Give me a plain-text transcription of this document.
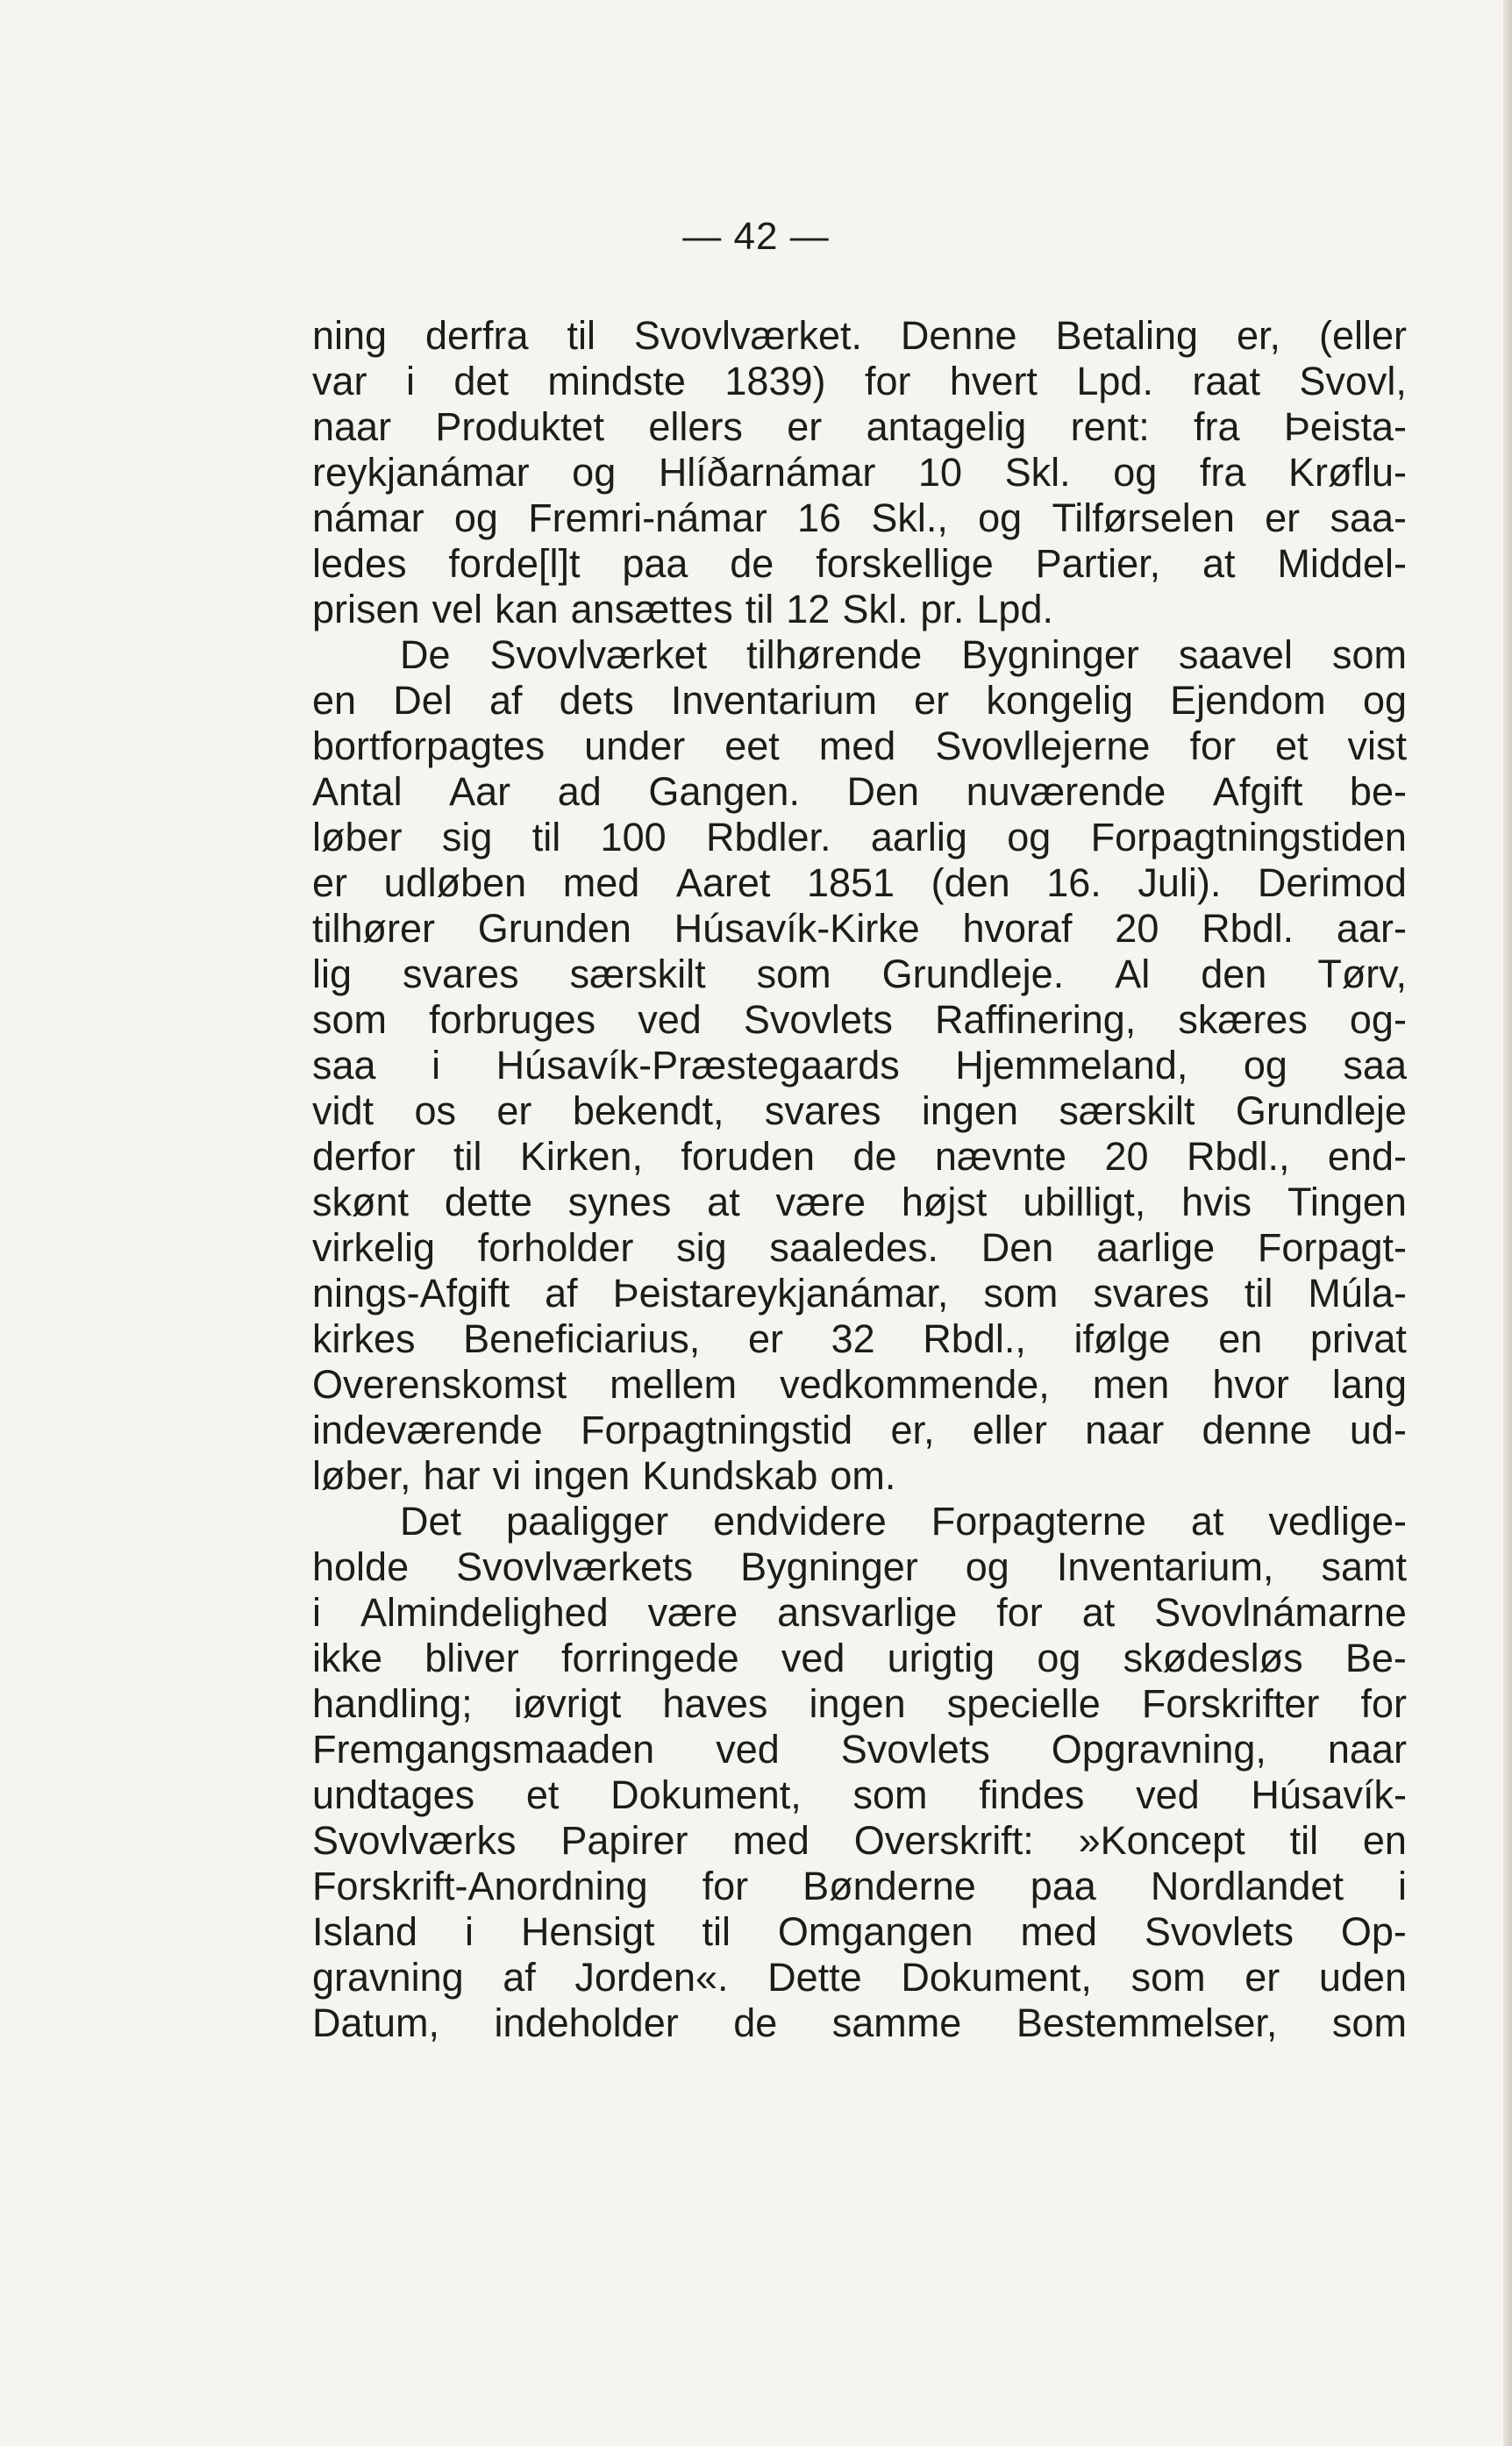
— 42 —
ning derfra til Svovlværket. Denne Betaling er, (eller
var i det mindste 1839) for hvert Lpd. raat Svovl,
naar Produktet ellers er antagelig rent: fra Þeista-
reykjanámar og Hlíðarnámar 10 Skl. og fra Krøflu-
námar og Fremri-námar 16 Skl., og Tilførselen er saa-
ledes forde[l]t paa de forskellige Partier, at Middel-
prisen vel kan ansættes til 12 Skl. pr. Lpd.
De Svovlværket tilhørende Bygninger saavel som
en Del af dets Inventarium er kongelig Ejendom og
bortforpagtes under eet med Svovllejerne for et vist
Antal Aar ad Gangen. Den nuværende Afgift be-
løber sig til 100 Rbdler. aarlig og Forpagtningstiden
er udløben med Aaret 1851 (den 16. Juli). Derimod
tilhører Grunden Húsavík-Kirke hvoraf 20 Rbdl. aar-
lig svares særskilt som Grundleje. Al den Tørv,
som forbruges ved Svovlets Raffinering, skæres og-
saa i Húsavík-Præstegaards Hjemmeland, og saa
vidt os er bekendt, svares ingen særskilt Grundleje
derfor til Kirken, foruden de nævnte 20 Rbdl., end-
skønt dette synes at være højst ubilligt, hvis Tingen
virkelig forholder sig saaledes. Den aarlige Forpagt-
nings-Afgift af Þeistareykjanámar, som svares til Múla-
kirkes Beneficiarius, er 32 Rbdl., ifølge en privat
Overenskomst mellem vedkommende, men hvor lang
indeværende Forpagtningstid er, eller naar denne ud-
løber, har vi ingen Kundskab om.
Det paaligger endvidere Forpagterne at vedlige-
holde Svovlværkets Bygninger og Inventarium, samt
i Almindelighed være ansvarlige for at Svovlnámarne
ikke bliver forringede ved urigtig og skødesløs Be-
handling; iøvrigt haves ingen specielle Forskrifter for
Fremgangsmaaden ved Svovlets Opgravning, naar
undtages et Dokument, som findes ved Húsavík-
Svovlværks Papirer med Overskrift: »Koncept til en
Forskrift-Anordning for Bønderne paa Nordlandet i
Island i Hensigt til Omgangen med Svovlets Op-
gravning af Jorden«. Dette Dokument, som er uden
Datum, indeholder de samme Bestemmelser, som
